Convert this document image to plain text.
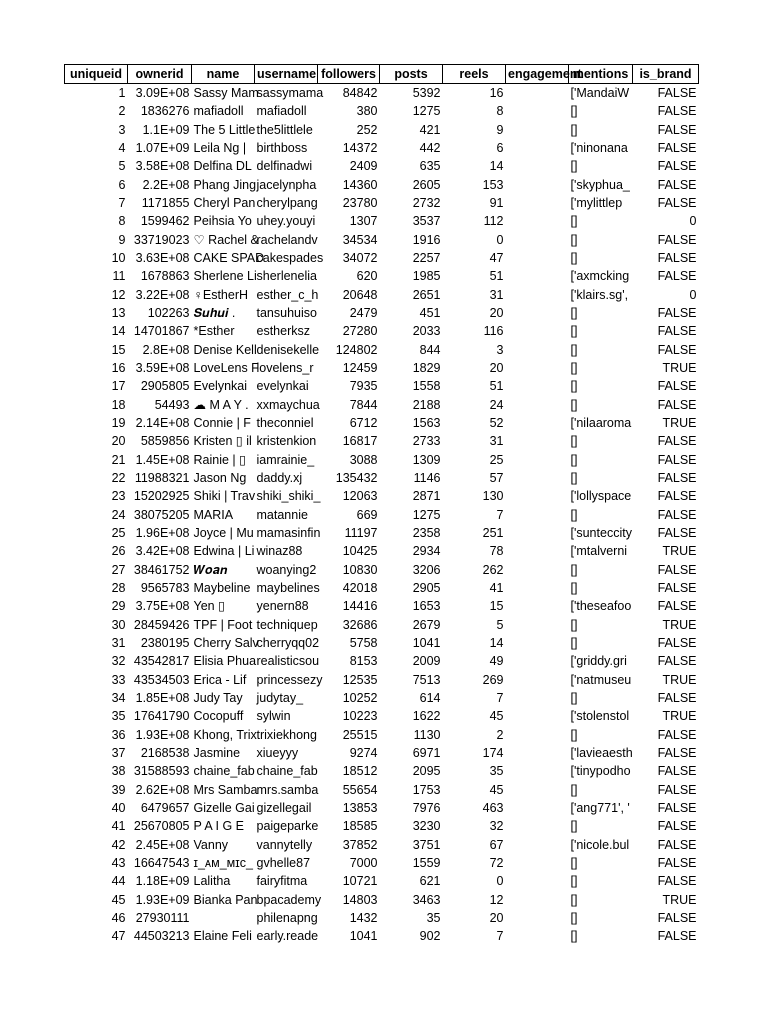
uniqueid	ownerid	name	username	followers	posts	reels	engagement	mentions	is_brand
1	3.09E+08	Sassy Mam	sassymama	84842	5392	16		['MandaiW	FALSE
2	1836276	mafiadoll	mafiadoll	380	1275	8		[]	FALSE
3	1.1E+09	The 5 Little	the5littlele	252	421	9		[]	FALSE
4	1.07E+09	Leila Ng |	birthboss	14372	442	6		['ninonana	FALSE
5	3.58E+08	Delfina DL	delfinadwi	2409	635	14		[]	FALSE
6	2.2E+08	Phang Jing	jacelynpha	14360	2605	153		['skyphua_	FALSE
7	1171855	Cheryl Pan	cherylpang	23780	2732	91		['mylittlep	FALSE
8	1599462	Peihsia Yo	uhey.youyi	1307	3537	112		[]	0
9	33719023	♡ Rachel &	rachelandv	34534	1916	0		[]	FALSE
10	3.63E+08	CAKE SPAD	cakespades	34072	2257	47		[]	FALSE
11	1678863	Sherlene Li	sherlenelia	620	1985	51		['axmcking	FALSE
12	3.22E+08	♀EstherH	esther_c_h	20648	2651	31		['klairs.sg',	0
13	102263	𝑺𝒖𝒉𝒖𝒊 .	tansuhuiso	2479	451	20		[]	FALSE
14	14701867	*Esther	estherksz	27280	2033	116		[]	FALSE
15	2.8E+08	Denise Kell	denisekelle	124802	844	3		[]	FALSE
16	3.59E+08	LoveLens F	lovelens_r	12459	1829	20		[]	TRUE
17	2905805	Evelynkai	evelynkai	7935	1558	51		[]	FALSE
18	54493	☁ M A Y .	xxmaychua	7844	2188	24		[]	FALSE
19	2.14E+08	Connie | F	theconniel	6712	1563	52		['nilaaroma	TRUE
20	5859856	Kristen ▯ il	kristenkion	16817	2733	31		[]	FALSE
21	1.45E+08	Rainie | ▯	iamrainie_	3088	1309	25		[]	FALSE
22	11988321	Jason Ng	daddy.xj	135432	1146	57		[]	FALSE
23	15202925	Shiki | Trav	shiki_shiki_	12063	2871	130		['lollyspace	FALSE
24	38075205	MARIA	matannie	669	1275	7		[]	FALSE
25	1.96E+08	Joyce | Mu	mamasinfin	11197	2358	251		['sunteccity	FALSE
26	3.42E+08	Edwina | Li	winaz88	10425	2934	78		['mtalverni	TRUE
27	38461752	𝑾𝒐𝒂𝒏	woanying2	10830	3206	262		[]	FALSE
28	9565783	Maybeline	maybelines	42018	2905	41		[]	FALSE
29	3.75E+08	Yen ▯	yenern88	14416	1653	15		['theseafoo	FALSE
30	28459426	TPF | Foot	techniquep	32686	2679	5		[]	TRUE
31	2380195	Cherry Salv	cherryqq02	5758	1041	14		[]	FALSE
32	43542817	Elisia Phua	realisticsou	8153	2009	49		['griddy.gri	FALSE
33	43534503	Erica - Lif	princessezy	12535	7513	269		['natmuseu	TRUE
34	1.85E+08	Judy Tay	judytay_	10252	614	7		[]	FALSE
35	17641790	Cocopuff	sylwin	10223	1622	45		['stolenstol	TRUE
36	1.93E+08	Khong, Trix	trixiekhong	25515	1130	2		[]	FALSE
37	2168538	Jasmine	xiueyyy	9274	6971	174		['lavieaesth	FALSE
38	31588593	chaine_fab	chaine_fab	18512	2095	35		['tinypodho	FALSE
39	2.62E+08	Mrs Samba	mrs.samba	55654	1753	45		[]	FALSE
40	6479657	Gizelle Gai	gizellegail	13853	7976	463		['ang771', '	FALSE
41	25670805	P A I G E	paigeparke	18585	3230	32		[]	FALSE
42	2.45E+08	Vanny	vannytelly	37852	3751	67		['nicole.bul	FALSE
43	16647543	ɪ_ᴀᴍ_ᴍɪᴄ_	gvhelle87	7000	1559	72		[]	FALSE
44	1.18E+09	Lalitha	fairyfitma	10721	621	0		[]	FALSE
45	1.93E+09	Bianka Pan	bpacademy	14803	3463	12		[]	TRUE
46	27930111		philenapng	1432	35	20		[]	FALSE
47	44503213	Elaine Feli	early.reade	1041	902	7		[]	FALSE
